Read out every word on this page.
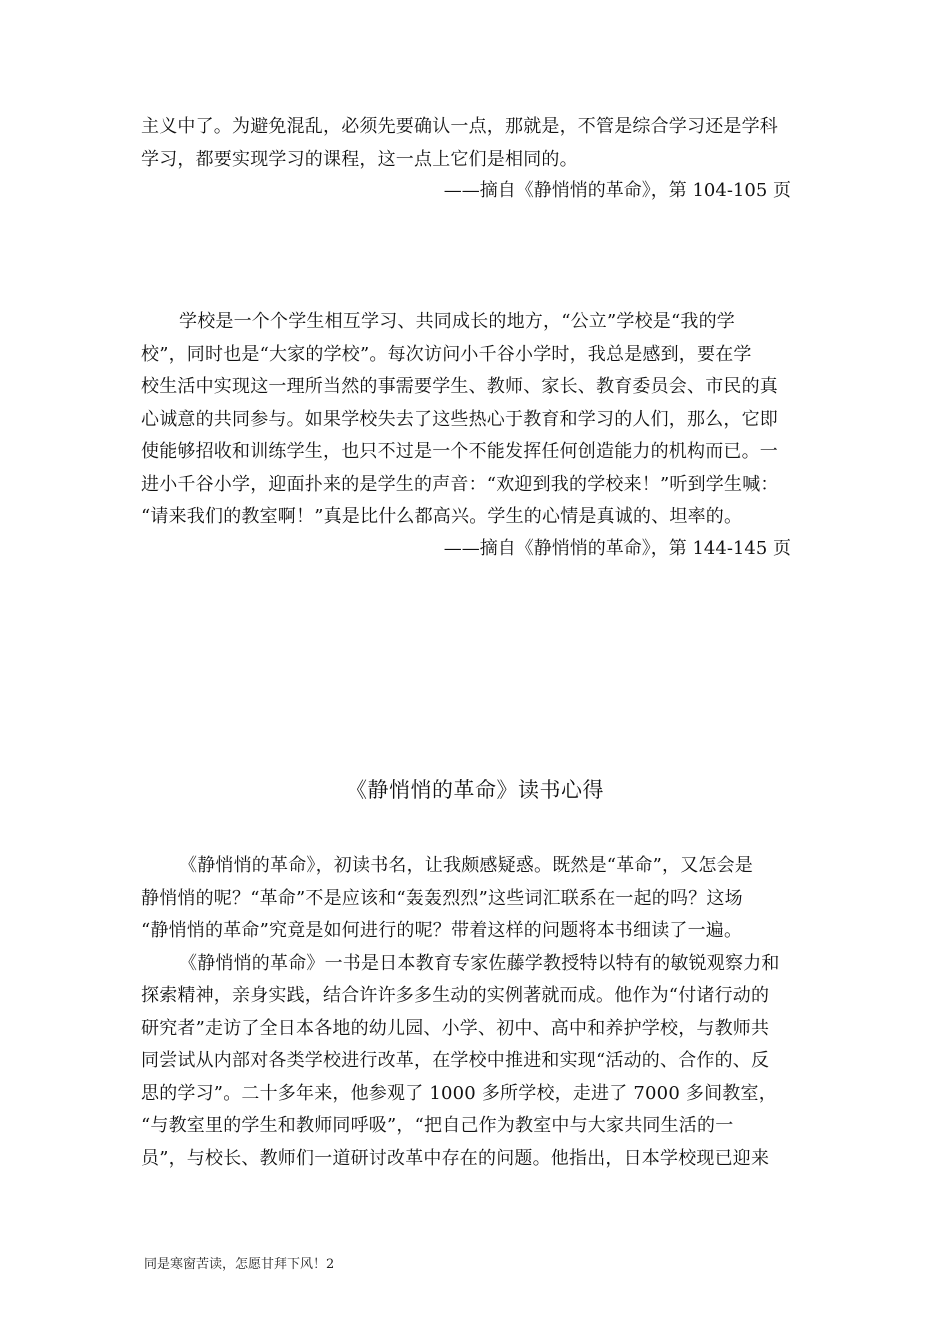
主义中了。为避免混乱，必须先要确认一点，那就是，不管是综合学习还是学科
学习，都要实现学习的课程，这一点上它们是相同的。
——摘自《静悄悄的革命》，第 104-105 页
学校是一个个学生相互学习、共同成长的地方，“公立”学校是“我的学
校”，同时也是“大家的学校”。每次访问小千谷小学时，我总是感到，要在学
校生活中实现这一理所当然的事需要学生、教师、家长、教育委员会、市民的真
心诚意的共同参与。如果学校失去了这些热心于教育和学习的人们，那么，它即
使能够招收和训练学生，也只不过是一个不能发挥任何创造能力的机构而已。一
进小千谷小学，迎面扑来的是学生的声音：“欢迎到我的学校来！”听到学生喊：
“请来我们的教室啊！”真是比什么都高兴。学生的心情是真诚的、坦率的。
——摘自《静悄悄的革命》，第 144-145 页
《静悄悄的革命》读书心得
《静悄悄的革命》，初读书名，让我颇感疑惑。既然是“革命”，又怎会是
静悄悄的呢？“革命”不是应该和“轰轰烈烈”这些词汇联系在一起的吗？这场
“静悄悄的革命”究竟是如何进行的呢？带着这样的问题将本书细读了一遍。
《静悄悄的革命》一书是日本教育专家佐藤学教授特以特有的敏锐观察力和
探索精神，亲身实践，结合许许多多生动的实例著就而成。他作为“付诸行动的
研究者”走访了全日本各地的幼儿园、小学、初中、高中和养护学校，与教师共
同尝试从内部对各类学校进行改革，在学校中推进和实现“活动的、合作的、反
思的学习”。二十多年来，他参观了 1000 多所学校，走进了 7000 多间教室，
“与教室里的学生和教师同呼吸”，“把自己作为教室中与大家共同生活的一
员”，与校长、教师们一道研讨改革中存在的问题。他指出，日本学校现已迎来
同是寒窗苦读，怎愿甘拜下风！2
